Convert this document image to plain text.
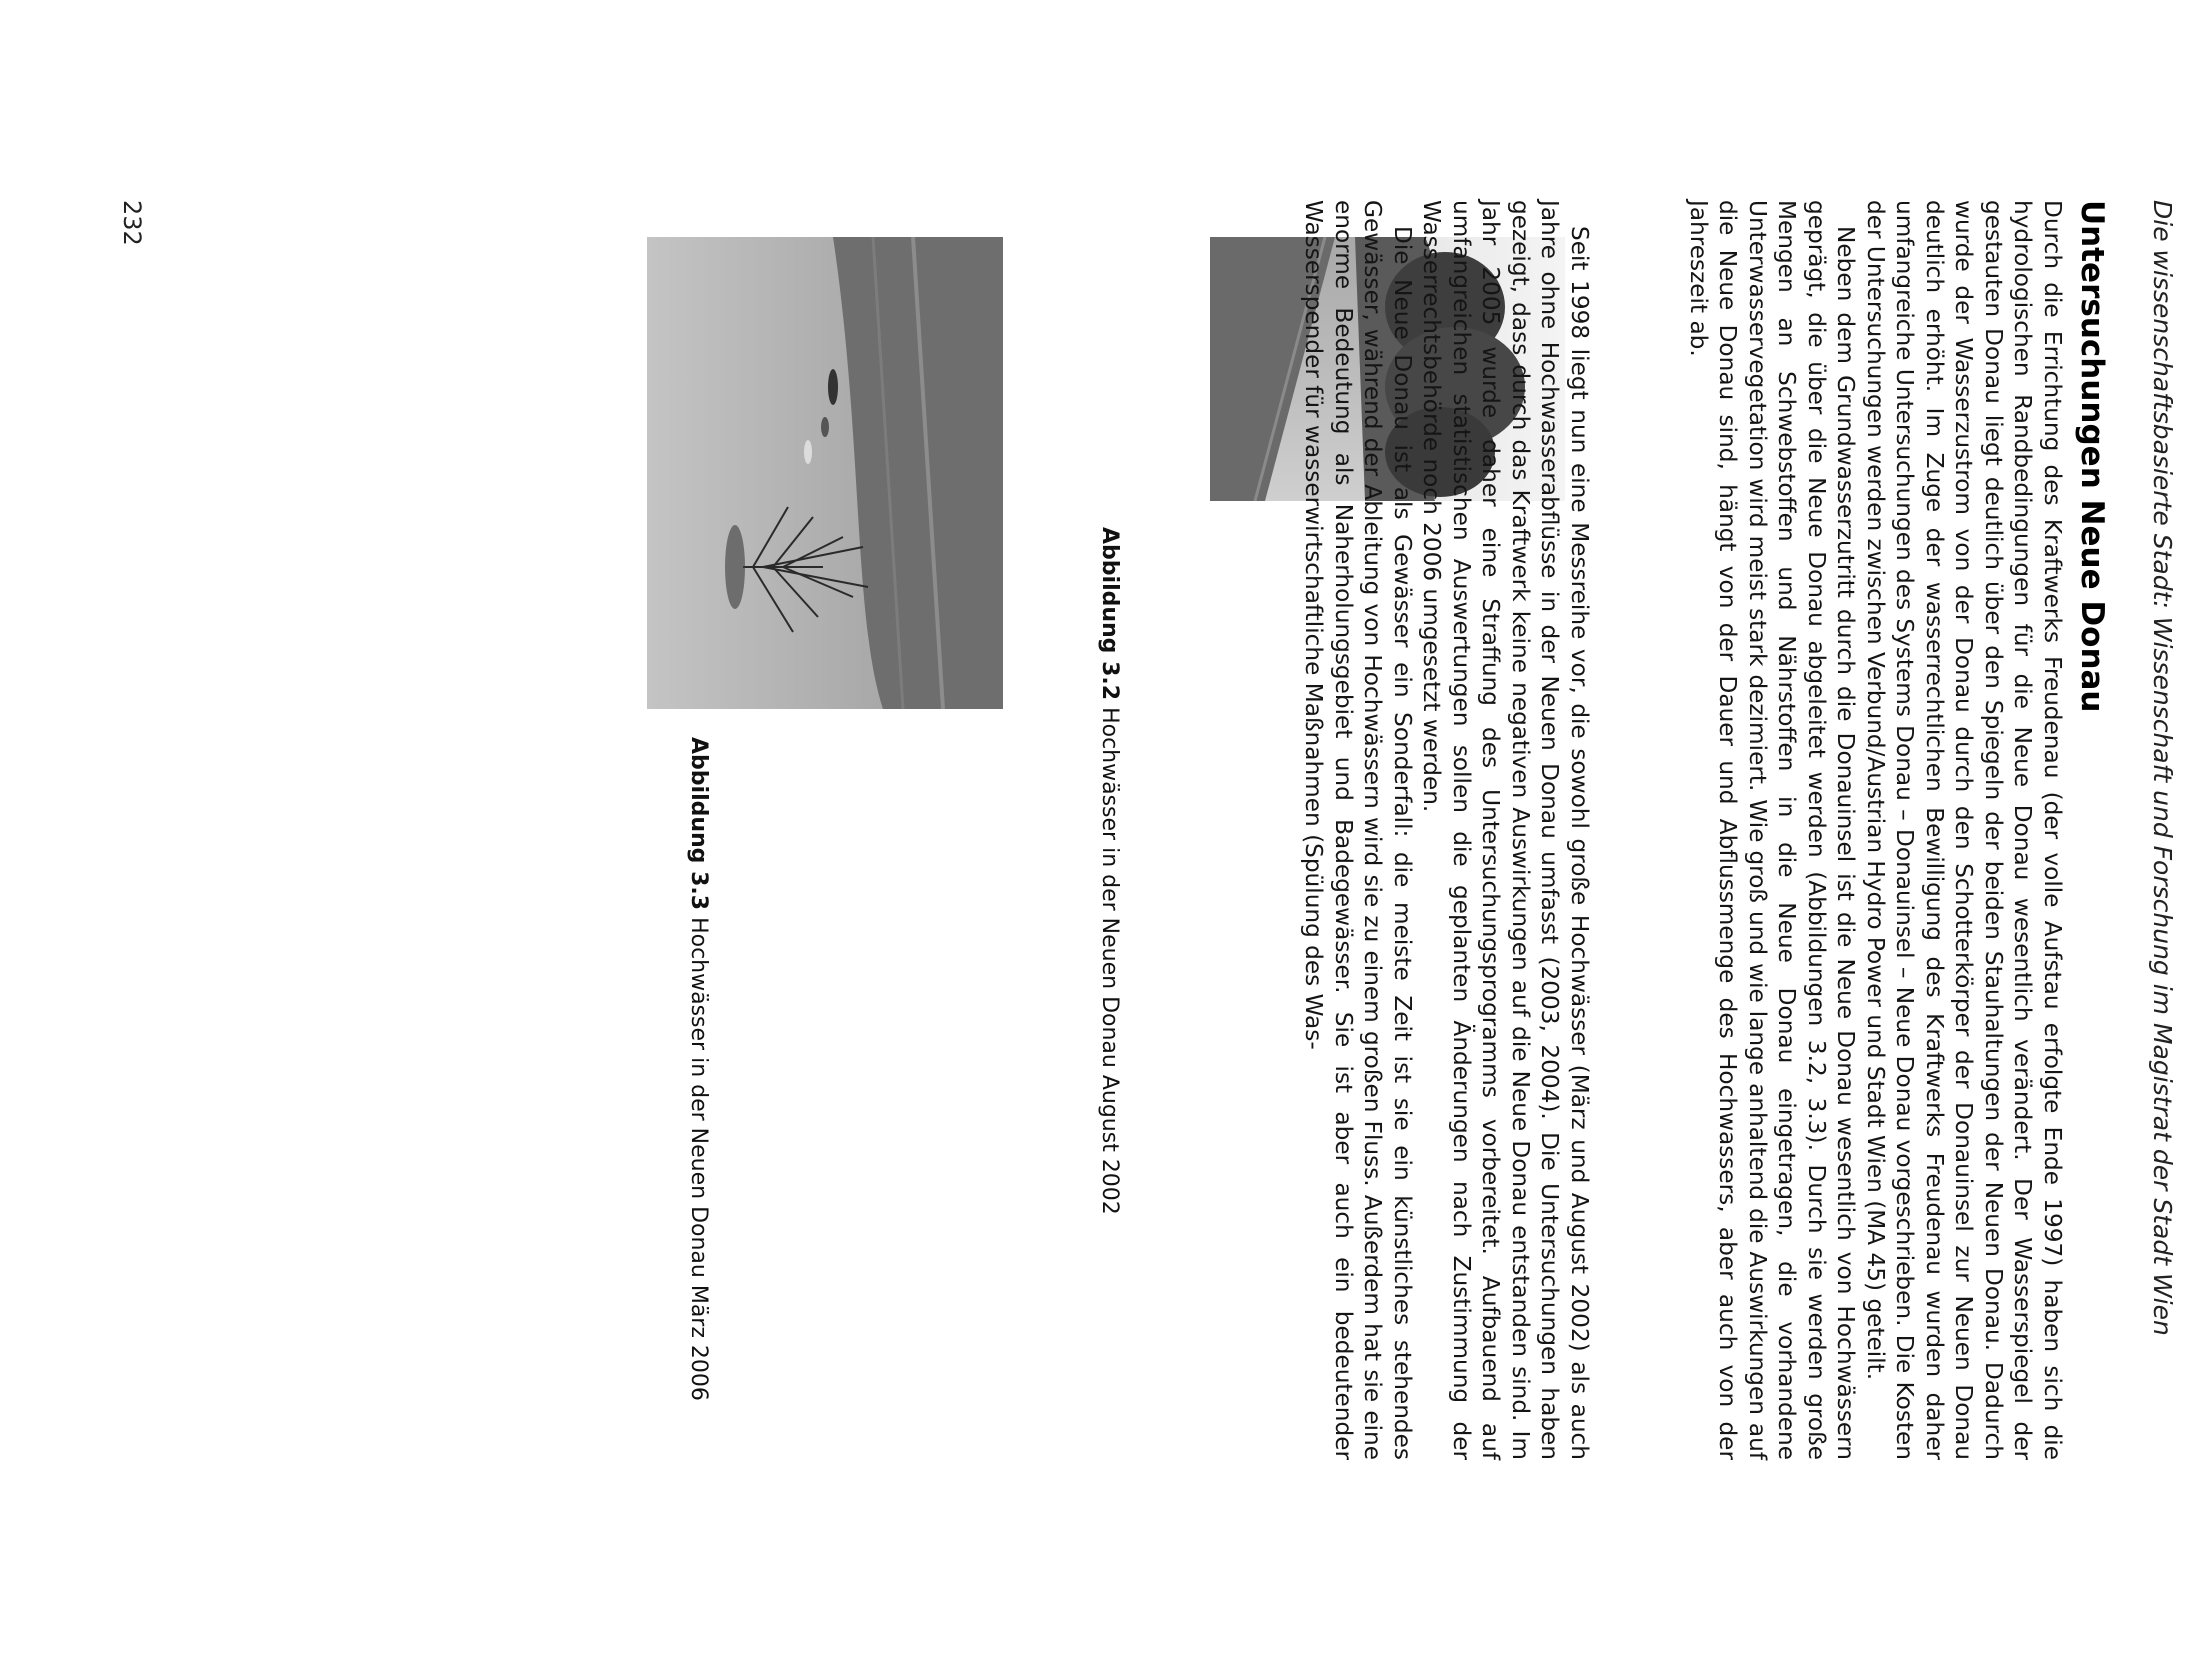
Die wissenschaftsbasierte Stadt: Wissenschaft und Forschung im Magistrat der Stadt Wien
Untersuchungen Neue Donau

Durch die Errichtung des Kraftwerks Freudenau (der volle Aufstau erfolgte Ende 1997) haben sich die hydrologischen Randbedingungen für die Neue Donau wesentlich verändert. Der Wasserspiegel der gestauten Donau liegt deutlich über den Spiegeln der beiden Stauhaltungen der Neuen Donau. Dadurch wurde der Wasserzustrom von der Donau durch den Schotterkörper der Donauinsel zur Neuen Donau deutlich erhöht. Im Zuge der wasserrechtlichen Bewilligung des Kraftwerks Freudenau wurden daher umfangreiche Untersuchungen des Systems Donau – Donauinsel – Neue Donau vorgeschrieben. Die Kosten der Untersuchungen werden zwischen Verbund/Austrian Hydro Power und Stadt Wien (MA 45) geteilt.

Neben dem Grundwasserzutritt durch die Donauinsel ist die Neue Donau wesentlich von Hochwässern geprägt, die über die Neue Donau abgeleitet werden (Abbildungen 3.2, 3.3). Durch sie werden große Mengen an Schwebstoffen und Nährstoffen in die Neue Donau eingetragen, die vorhandene Unterwasservegetation wird meist stark dezimiert. Wie groß und wie lange anhaltend die Auswirkungen auf die Neue Donau sind, hängt von der Dauer und Abflussmenge des Hochwassers, aber auch von der Jahreszeit ab.

Abbildung 3.2 Hochwässer in der Neuen Donau August 2002	Seit 1998 liegt nun eine Messreihe vor, die sowohl große Hochwässer (März und August 2002) als auch Jahre ohne Hochwasserabflüsse in der Neuen Donau umfasst (2003, 2004). Die Untersuchungen haben gezeigt, dass durch das Kraftwerk keine negativen Auswirkungen auf die Neue Donau entstanden sind. Im Jahr 2005 wurde daher eine Straffung des Untersuchungsprogramms vorbereitet. Aufbauend auf umfangreichen statistischen Auswertungen sollen die geplanten Änderungen nach Zustimmung der Wasserrechtsbehörde noch 2006 umgesetzt werden.

Die Neue Donau ist als Gewässer ein Sonderfall: die meiste Zeit ist sie ein künstliches stehendes Gewässer, während der Ableitung von Hochwässern wird sie zu einem großen Fluss. Außerdem hat sie eine enorme Bedeutung als Naherholungsgebiet und Badegewässer. Sie ist aber auch ein bedeutender Wasserspender für wasserwirtschaftliche Maßnahmen (Spülung des Was-

Abbildung 3.3 Hochwässer in der Neuen Donau März 2006
232
